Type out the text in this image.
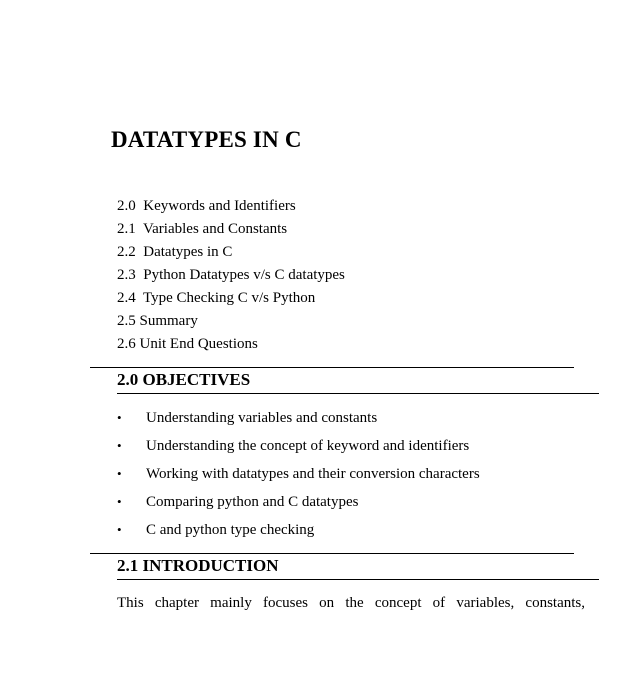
DATATYPES IN C
2.0  Keywords and Identifiers
2.1  Variables and Constants
2.2  Datatypes in C
2.3  Python Datatypes v/s C datatypes
2.4  Type Checking C v/s Python
2.5 Summary
2.6 Unit End Questions
2.0 OBJECTIVES
• Understanding variables and constants
• Understanding the concept of keyword and identifiers
• Working with datatypes and their conversion characters
• Comparing python and C datatypes
• C and python type checking
2.1 INTRODUCTION

This chapter mainly focuses on the concept of variables, constants,
